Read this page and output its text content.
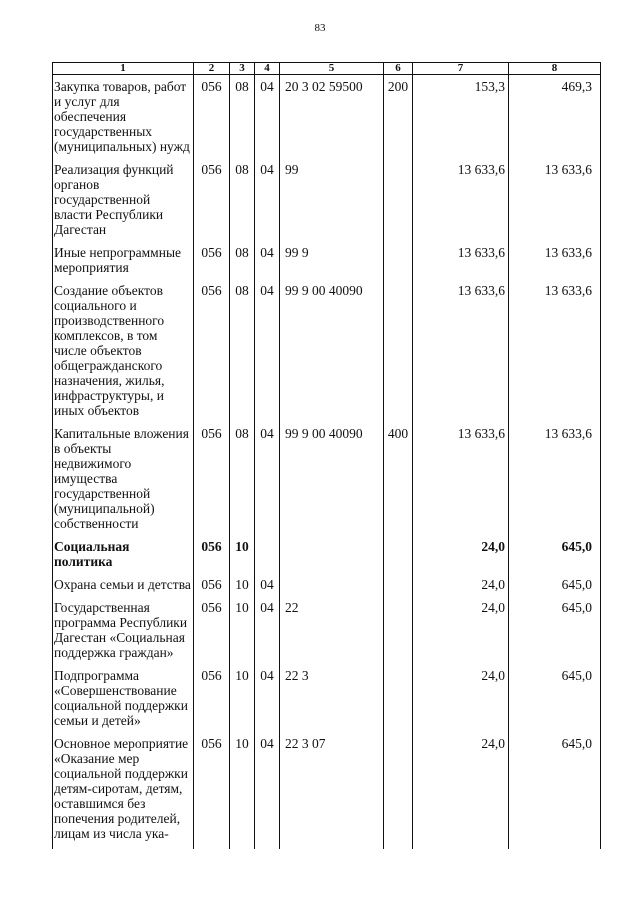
83
1	2	3	4	5	6	7	8
Закупка товаров, работ и услуг для обеспечения государственных (муниципальных) нужд	056	08	04	20 3 02 59500	200	153,3	469,3

Реализация функций органов государственной власти Республики Дагестан	056	08	04	99		13 633,6	13 633,6

Иные непрограммные мероприятия	056	08	04	99 9		13 633,6	13 633,6

Создание объектов социального и производственного комплексов, в том числе объектов общегражданского назначения, жилья, инфраструктуры, и иных объектов	056	08	04	99 9 00 40090		13 633,6	13 633,6

Капитальные вложения в объекты недвижимого имущества государственной (муниципальной) собственности	056	08	04	99 9 00 40090	400	13 633,6	13 633,6

Социальная политика	056	10				24,0	645,0

Охрана семьи и детства	056	10	04			24,0	645,0

Государственная программа Республики Дагестан «Социальная поддержка граждан»	056	10	04	22		24,0	645,0

Подпрограмма «Совершенствование социальной поддержки семьи и детей»	056	10	04	22 3		24,0	645,0

Основное мероприятие «Оказание мер социальной поддержки детям-сиротам, детям, оставшимся без попечения родителей, лицам из числа ука-	056	10	04	22 3 07		24,0	645,0
